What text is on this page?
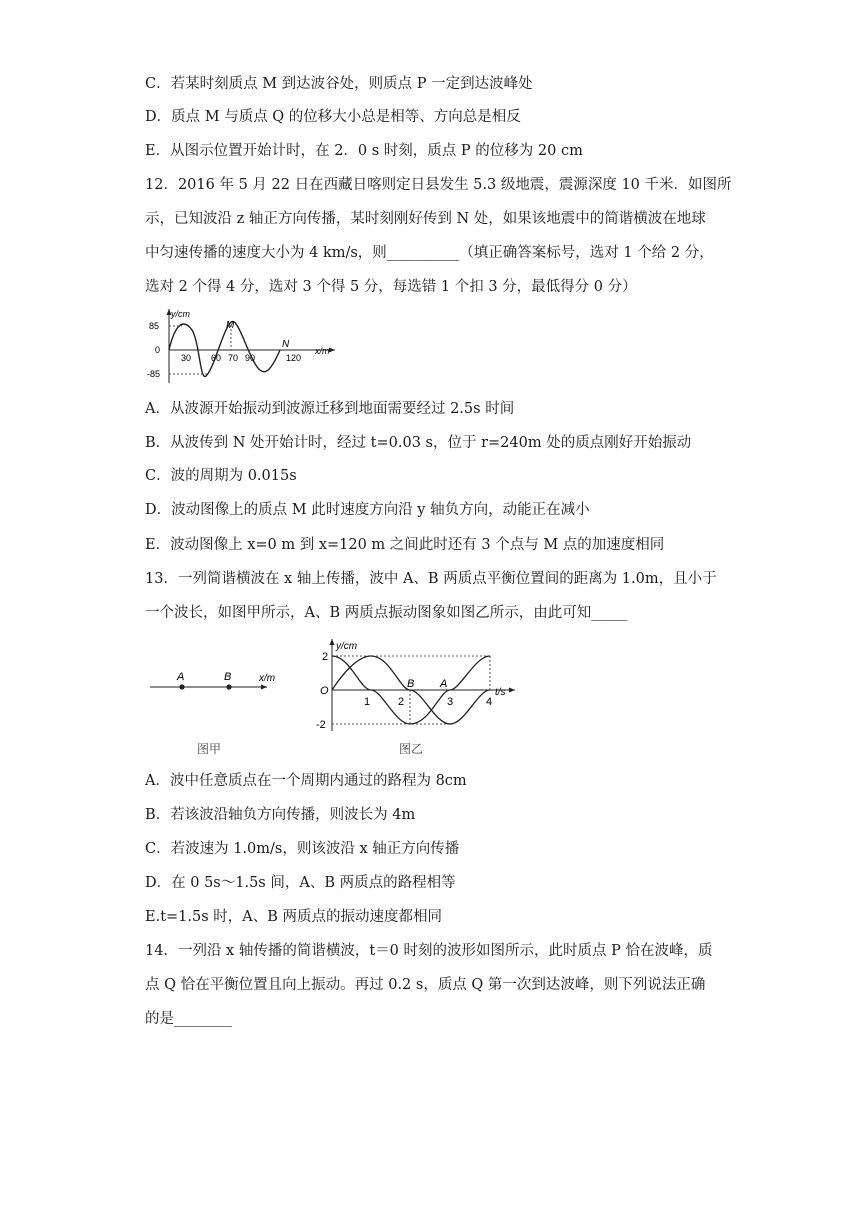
C．若某时刻质点 M 到达波谷处，则质点 P 一定到达波峰处
D．质点 M 与质点 Q 的位移大小总是相等、方向总是相反
E．从图示位置开始计时，在 2．0 s 时刻，质点 P 的位移为 20 cm
12．2016 年 5 月 22 日在西藏日喀则定日县发生 5.3 级地震，震源深度 10 千米．如图所
示，已知波沿 z 轴正方向传播，某时刻刚好传到 N 处，如果该地震中的简谐横波在地球
中匀速传播的速度大小为 4 km/s，则__________（填正确答案标号，选对 1 个给 2 分，
选对 2 个得 4 分，选对 3 个得 5 分，每选错 1 个扣 3 分，最低得分 0 分）
y/cm
85
0
-85
30 60 70 90	120
x/m
M
N
A．从波源开始振动到波源迁移到地面需要经过 2.5s 时间
B．从波传到 N 处开始计时，经过 t=0.03 s，位于 r=240m 处的质点刚好开始振动
C．波的周期为 0.015s
D．波动图像上的质点 M 此时速度方向沿 y 轴负方向，动能正在减小
E．波动图像上 x=0 m 到 x=120 m 之间此时还有 3 个点与 M 点的加速度相同
13．一列简谐横波在 x 轴上传播，波中 A、B 两质点平衡位置间的距离为 1.0m，且小于
一个波长，如图甲所示，A、B 两质点振动图象如图乙所示，由此可知_____
A	B	x/m
图甲
y/cm
2
-2
O
1	2	3	4
B A
t/s
图乙
A．波中任意质点在一个周期内通过的路程为 8cm
B．若该波沿轴负方向传播，则波长为 4m
C．若波速为 1.0m/s，则该波沿 x 轴正方向传播
D．在 0 5s～1.5s 间，A、B 两质点的路程相等
E.t=1.5s 时，A、B 两质点的振动速度都相同
14．一列沿 x 轴传播的简谐横波，t＝0 时刻的波形如图所示，此时质点 P 恰在波峰，质
点 Q 恰在平衡位置且向上振动。再过 0.2 s，质点 Q 第一次到达波峰，则下列说法正确
的是________
